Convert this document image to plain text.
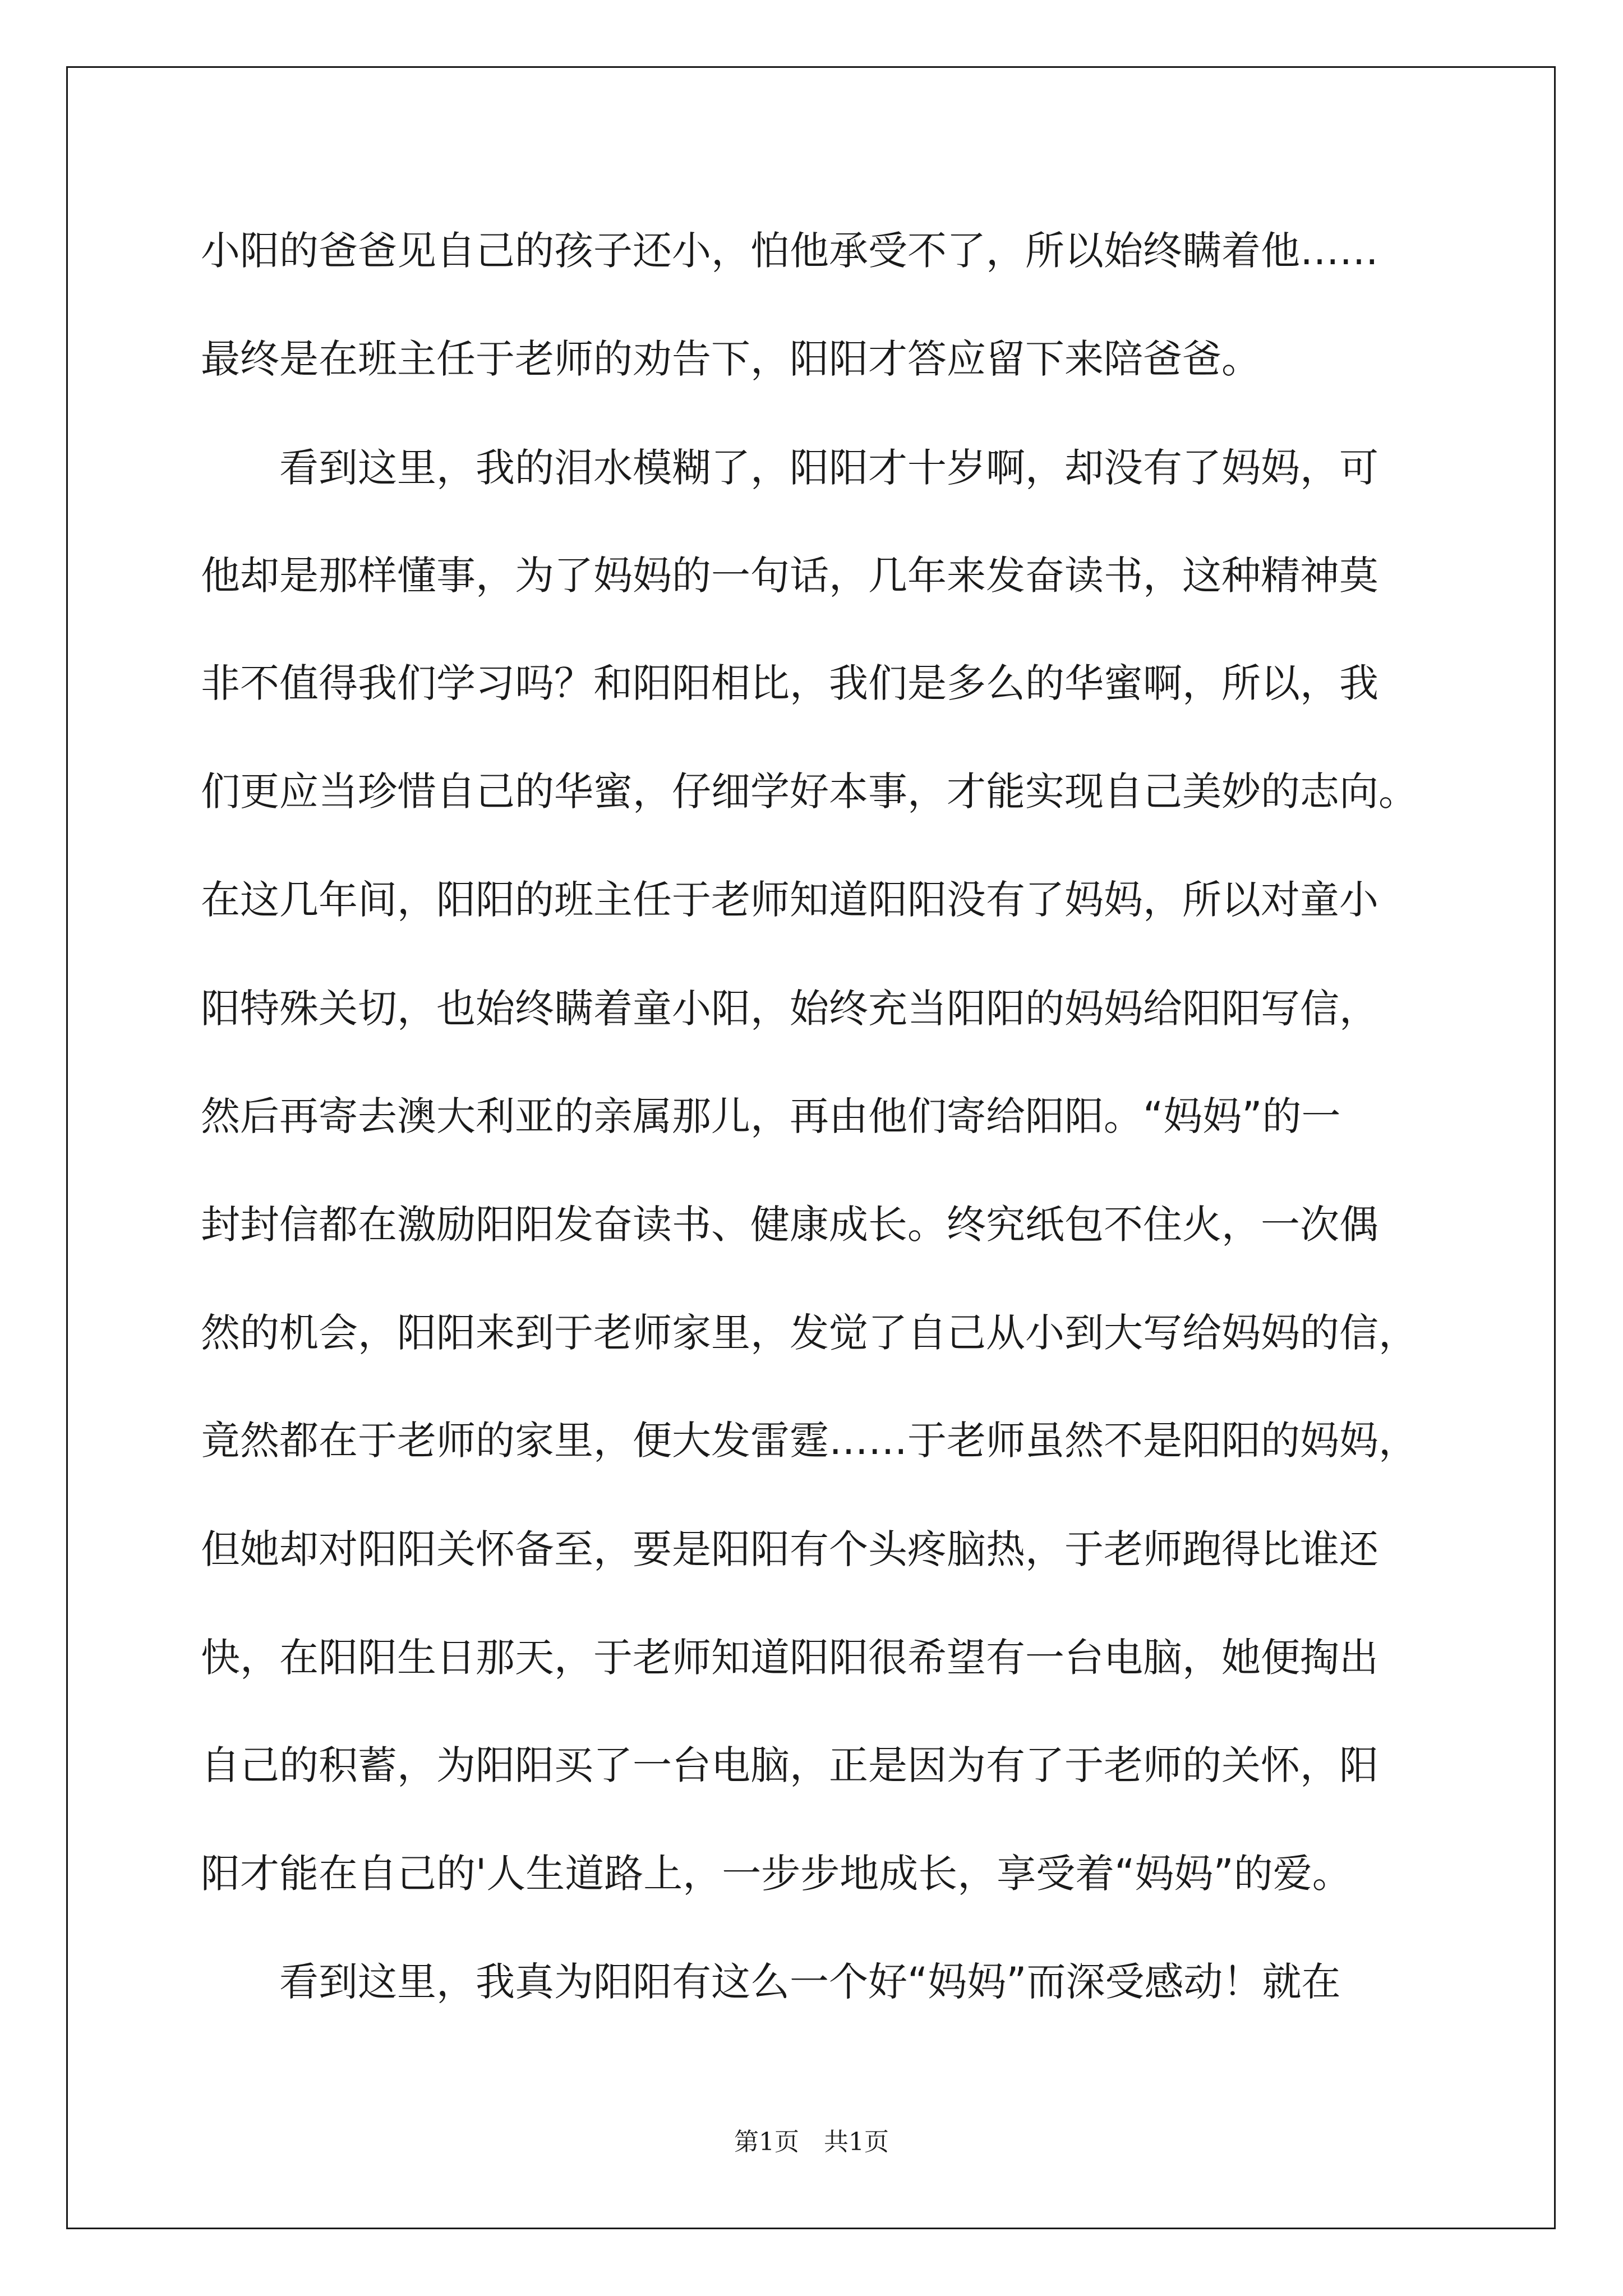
小阳的爸爸见自己的孩子还小，怕他承受不了，所以始终瞒着他……

最终是在班主任于老师的劝告下，阳阳才答应留下来陪爸爸。

看到这里，我的泪水模糊了，阳阳才十岁啊，却没有了妈妈，可

他却是那样懂事，为了妈妈的一句话，几年来发奋读书，这种精神莫

非不值得我们学习吗？和阳阳相比，我们是多么的华蜜啊，所以，我

们更应当珍惜自己的华蜜，仔细学好本事，才能实现自己美妙的志向。

在这几年间，阳阳的班主任于老师知道阳阳没有了妈妈，所以对童小

阳特殊关切，也始终瞒着童小阳，始终充当阳阳的妈妈给阳阳写信，

然后再寄去澳大利亚的亲属那儿，再由他们寄给阳阳。“妈妈”的一

封封信都在激励阳阳发奋读书、健康成长。终究纸包不住火，一次偶

然的机会，阳阳来到于老师家里，发觉了自己从小到大写给妈妈的信，

竟然都在于老师的家里，便大发雷霆……于老师虽然不是阳阳的妈妈，

但她却对阳阳关怀备至，要是阳阳有个头疼脑热，于老师跑得比谁还

快，在阳阳生日那天，于老师知道阳阳很希望有一台电脑，她便掏出

自己的积蓄，为阳阳买了一台电脑，正是因为有了于老师的关怀，阳

阳才能在自己的'人生道路上，一步步地成长，享受着“妈妈”的爱。

看到这里，我真为阳阳有这么一个好“妈妈”而深受感动！就在

第1页　共1页
